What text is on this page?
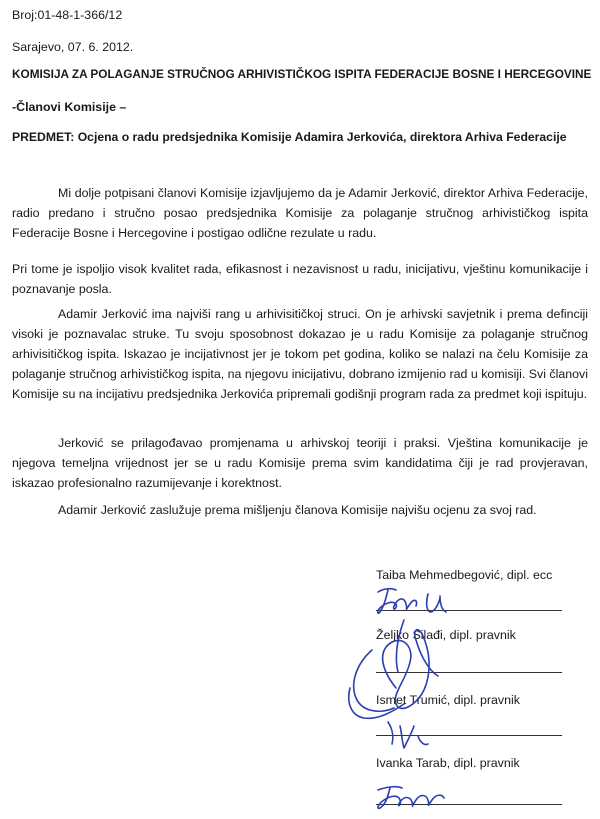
Broj:01-48-1-366/12
Sarajevo, 07. 6. 2012.
KOMISIJA ZA POLAGANJE STRUČNOG ARHIVISTIČKOG ISPITA FEDERACIJE BOSNE I HERCEGOVINE
-Članovi Komisije –
PREDMET: Ocjena o radu predsjednika Komisije Adamira Jerkovića, direktora Arhiva Federacije

Mi dolje potpisani članovi Komisije izjavljujemo da je Adamir Jerković, direktor Arhiva Federacije, radio predano i stručno posao predsjednika Komisije za polaganje stručnog arhivističkog ispita Federacije Bosne i Hercegovine i postigao odlične rezulate u radu.

Pri tome je ispoljio visok kvalitet rada, efikasnost i nezavisnost u radu, inicijativu, vještinu komunikacije i poznavanje posla.

Adamir Jerković ima najviši rang u arhivisitičkoj struci. On je arhivski savjetnik i prema definciji visoki je poznavalac struke. Tu svoju sposobnost dokazao je u radu Komisije za polaganje stručnog arhivisitičkog ispita. Iskazao je incijativnost jer je tokom pet godina, koliko se nalazi na čelu Komisije za polaganje stručnog arhivističkog ispita, na njegovu inicijativu, dobrano izmijenio rad u komisiji. Svi članovi Komisije su na incijativu predsjednika Jerkovića pripremali godišnji program rada za predmet koji ispituju.

Jerković se prilagođavao promjenama u arhivskoj teoriji i praksi. Vještina komunikacije je njegova temeljna vrijednost jer se u radu Komisije prema svim kandidatima čiji je rad provjeravan, iskazao profesionalno razumijevanje i korektnost.

Adamir Jerković zaslužuje prema mišljenju članova Komisije najvišu ocjenu za svoj rad.

Taiba Mehmedbegović, dipl. ecc
Željko Silađi, dipl. pravnik
Ismet Trumić, dipl. pravnik
Ivanka Tarab, dipl. pravnik
